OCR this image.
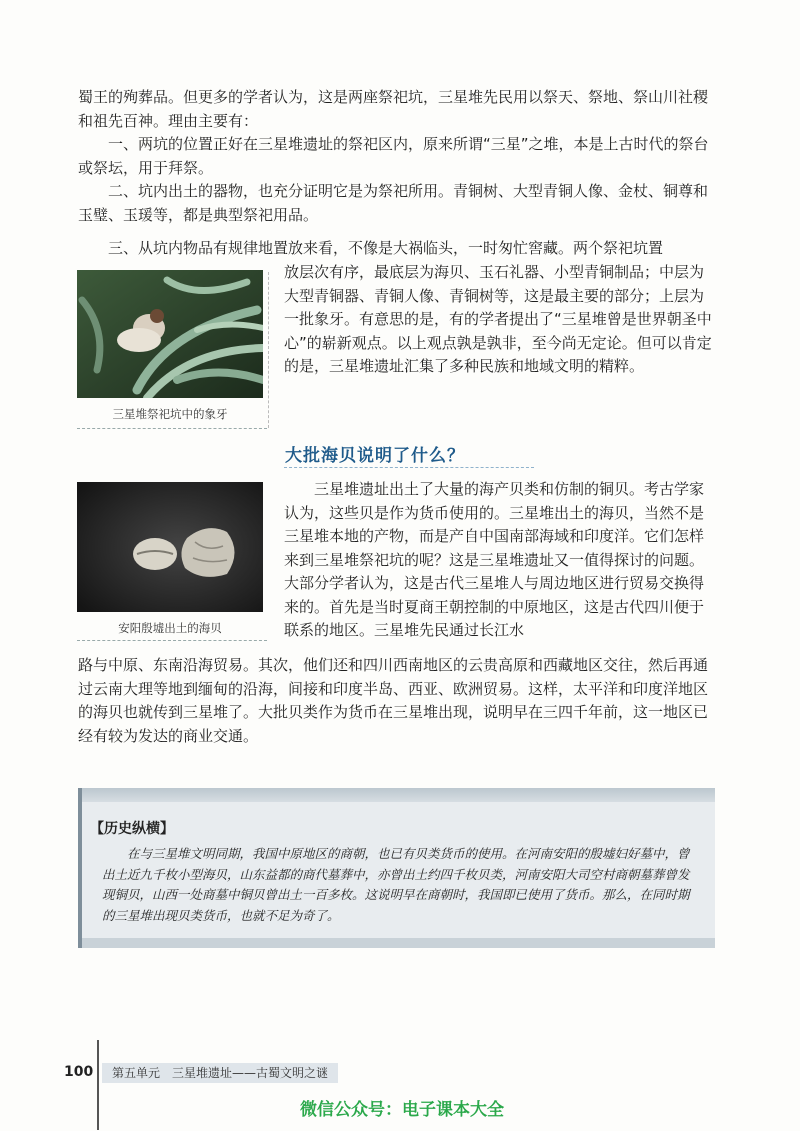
蜀王的殉葬品。但更多的学者认为，这是两座祭祀坑，三星堆先民用以祭天、祭地、祭山川社稷和祖先百神。理由主要有：

一、两坑的位置正好在三星堆遗址的祭祀区内，原来所谓“三星”之堆，本是上古时代的祭台或祭坛，用于拜祭。

二、坑内出土的器物，也充分证明它是为祭祀所用。青铜树、大型青铜人像、金杖、铜尊和玉璧、玉瑗等，都是典型祭祀用品。

三、从坑内物品有规律地置放来看，不像是大祸临头，一时匆忙窖藏。两个祭祀坑置

放层次有序，最底层为海贝、玉石礼器、小型青铜制品；中层为大型青铜器、青铜人像、青铜树等，这是最主要的部分；上层为一批象牙。有意思的是，有的学者提出了“三星堆曾是世界朝圣中心”的崭新观点。以上观点孰是孰非，至今尚无定论。但可以肯定的是，三星堆遗址汇集了多种民族和地域文明的精粹。

三星堆祭祀坑中的象牙
大批海贝说明了什么？
安阳殷墟出土的海贝

三星堆遗址出土了大量的海产贝类和仿制的铜贝。考古学家认为，这些贝是作为货币使用的。三星堆出土的海贝，当然不是三星堆本地的产物，而是产自中国南部海域和印度洋。它们怎样来到三星堆祭祀坑的呢？这是三星堆遗址又一值得探讨的问题。大部分学者认为，这是古代三星堆人与周边地区进行贸易交换得来的。首先是当时夏商王朝控制的中原地区，这是古代四川便于联系的地区。三星堆先民通过长江水

路与中原、东南沿海贸易。其次，他们还和四川西南地区的云贵高原和西藏地区交往，然后再通过云南大理等地到缅甸的沿海，间接和印度半岛、西亚、欧洲贸易。这样，太平洋和印度洋地区的海贝也就传到三星堆了。大批贝类作为货币在三星堆出现，说明早在三四千年前，这一地区已经有较为发达的商业交通。

【历史纵横】

在与三星堆文明同期，我国中原地区的商朝，也已有贝类货币的使用。在河南安阳的殷墟妇好墓中，曾出土近九千枚小型海贝，山东益都的商代墓葬中，亦曾出土约四千枚贝类，河南安阳大司空村商朝墓葬曾发现铜贝，山西一处商墓中铜贝曾出土一百多枚。这说明早在商朝时，我国即已使用了货币。那么，在同时期的三星堆出现贝类货币，也就不足为奇了。

100	第五单元　三星堆遗址——古蜀文明之谜
微信公众号：电子课本大全
